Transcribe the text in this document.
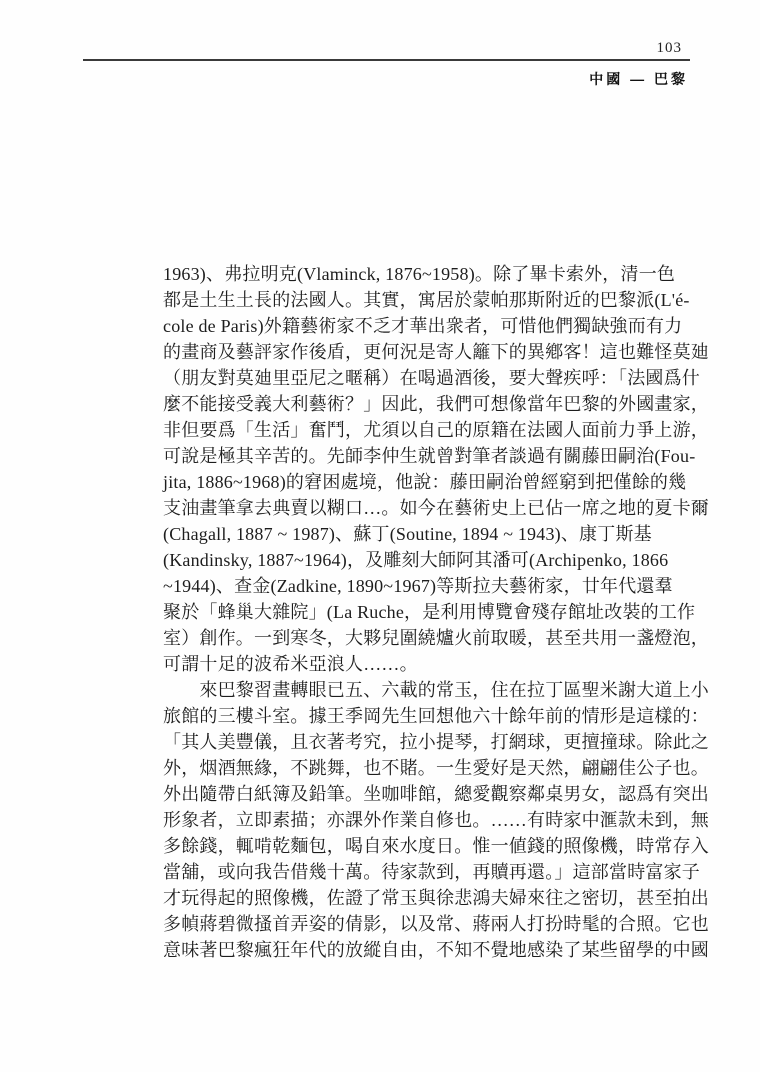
103
中國 — 巴黎
1963)、弗拉明克(Vlaminck, 1876~1958)。除了畢卡索外，清一色
都是土生土長的法國人。其實，寓居於蒙帕那斯附近的巴黎派(L'é-
cole de Paris)外籍藝術家不乏才華出衆者，可惜他們獨缺強而有力
的畫商及藝評家作後盾，更何況是寄人籬下的異鄕客！這也難怪莫廸
（朋友對莫廸里亞尼之暱稱）在喝過酒後，要大聲疾呼：「法國爲什
麼不能接受義大利藝術？」因此，我們可想像當年巴黎的外國畫家，
非但要爲「生活」奮鬥，尤須以自己的原籍在法國人面前力爭上游，
可說是極其辛苦的。先師李仲生就曾對筆者談過有關藤田嗣治(Fou-
jita, 1886~1968)的窘困處境，他說：藤田嗣治曾經窮到把僅餘的幾
支油畫筆拿去典賣以糊口…。如今在藝術史上已佔一席之地的夏卡爾
(Chagall, 1887 ~ 1987)、蘇丁(Soutine, 1894 ~ 1943)、康丁斯基
(Kandinsky, 1887~1964)，及雕刻大師阿其潘可(Archipenko, 1866
~1944)、查金(Zadkine, 1890~1967)等斯拉夫藝術家，廿年代還羣
聚於「蜂巢大雜院」(La Ruche，是利用博覽會殘存館址改裝的工作
室）創作。一到寒冬，大夥兒圍繞爐火前取暖，甚至共用一盞燈泡，
可謂十足的波希米亞浪人……。
　　來巴黎習畫轉眼已五、六載的常玉，住在拉丁區聖米謝大道上小
旅館的三樓斗室。據王季岡先生回想他六十餘年前的情形是這樣的：
「其人美豐儀，且衣著考究，拉小提琴，打網球，更擅撞球。除此之
外，烟酒無緣，不跳舞，也不賭。一生愛好是天然，翩翩佳公子也。
外出隨帶白紙簿及鉛筆。坐咖啡館，總愛觀察鄰桌男女，認爲有突出
形象者，立即素描；亦課外作業自修也。……有時家中滙款未到，無
多餘錢，輒啃乾麵包，喝自來水度日。惟一値錢的照像機，時常存入
當舖，或向我告借幾十萬。待家款到，再贖再還。」這部當時富家子
才玩得起的照像機，佐證了常玉與徐悲鴻夫婦來往之密切，甚至拍出
多幀蔣碧微搔首弄姿的倩影，以及常、蔣兩人打扮時髦的合照。它也
意味著巴黎瘋狂年代的放縱自由，不知不覺地感染了某些留學的中國
